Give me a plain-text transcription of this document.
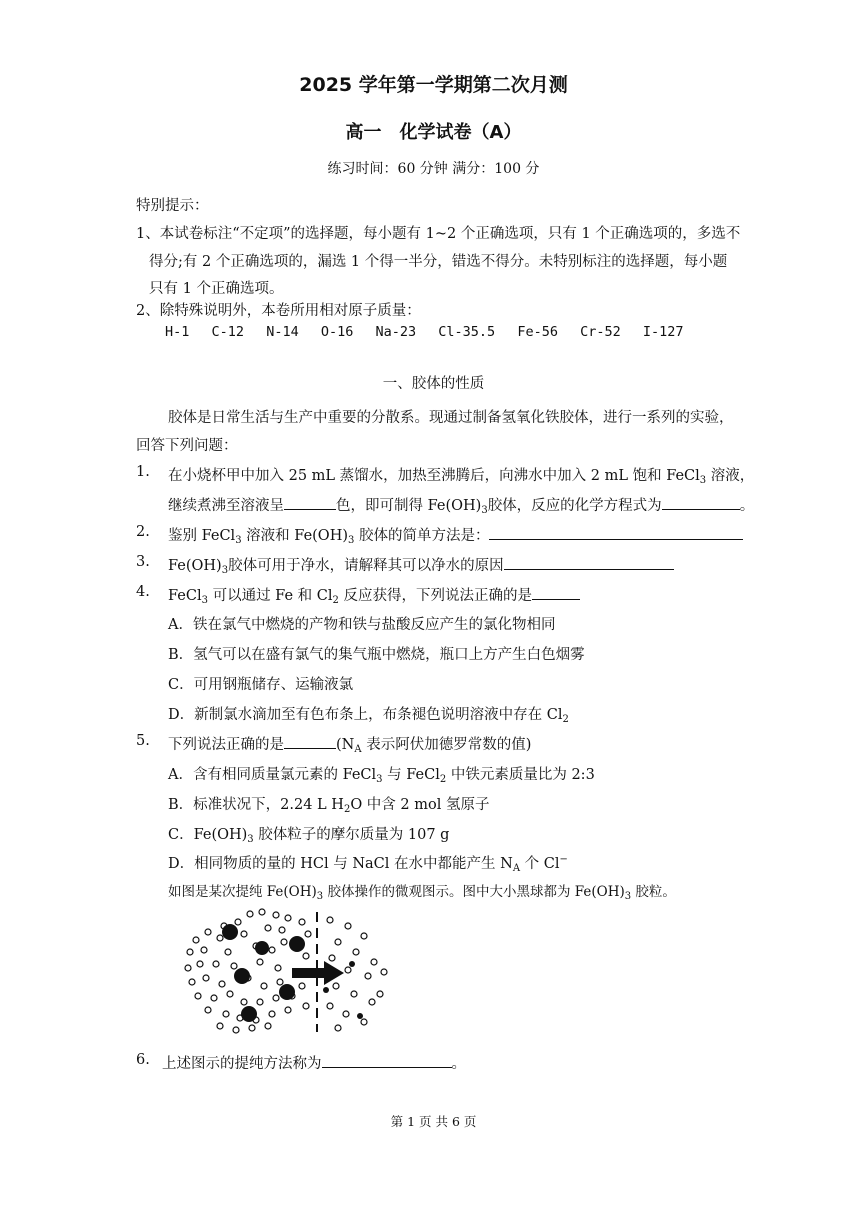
2025 学年第一学期第二次月测
高一　化学试卷（A）
练习时间：60 分钟 满分：100 分
特别提示：
1、本试卷标注“不定项”的选择题，每小题有 1~2 个正确选项，只有 1 个正确选项的，多选不
得分;有 2 个正确选项的，漏选 1 个得一半分，错选不得分。未特别标注的选择题，每小题
只有 1 个正确选项。
2、除特殊说明外，本卷所用相对原子质量：
H-1 C-12 N-14 O-16 Na-23 Cl-35.5 Fe-56 Cr-52 I-127
一、胶体的性质
胶体是日常生活与生产中重要的分散系。现通过制备氢氧化铁胶体，进行一系列的实验，
回答下列问题：
1. 在小烧杯甲中加入 25 mL 蒸馏水，加热至沸腾后，向沸水中加入 2 mL 饱和 FeCl$_3$ 溶液，
继续煮沸至溶液呈	色，即可制得 $Fe(OH)_3$胶体，反应的化学方程式为	。
2. 鉴别 FeCl$_3$ 溶液和 $Fe(OH)_3$ 胶体的简单方法是：
3. $Fe(OH)_3$胶体可用于净水，请解释其可以净水的原因
4. FeCl$_3$ 可以通过 Fe 和 $Cl_2$ 反应获得，下列说法正确的是
A．铁在氯气中燃烧的产物和铁与盐酸反应产生的氯化物相同
B．氢气可以在盛有氯气的集气瓶中燃烧，瓶口上方产生白色烟雾
C．可用钢瓶储存、运输液氯
D．新制氯水滴加至有色布条上，布条褪色说明溶液中存在 $Cl_2$
5. 下列说法正确的是	($N_A$ 表示阿伏加德罗常数的值)
A．含有相同质量氯元素的 FeCl$_3$ 与 FeCl$_2$ 中铁元素质量比为 2:3
B．标准状况下，2.24 L $H_2O$ 中含 2 mol 氢原子
C．$Fe(OH)_3$ 胶体粒子的摩尔质量为 107 g
D．相同物质的量的 HCl 与 NaCl 在水中都能产生 $N_A$ 个 Cl−
如图是某次提纯 $Fe(OH)_3$ 胶体操作的微观图示。图中大小黑球都为 $Fe(OH)_3$ 胶粒。
6. 上述图示的提纯方法称为	。
第 1 页 共 6 页
